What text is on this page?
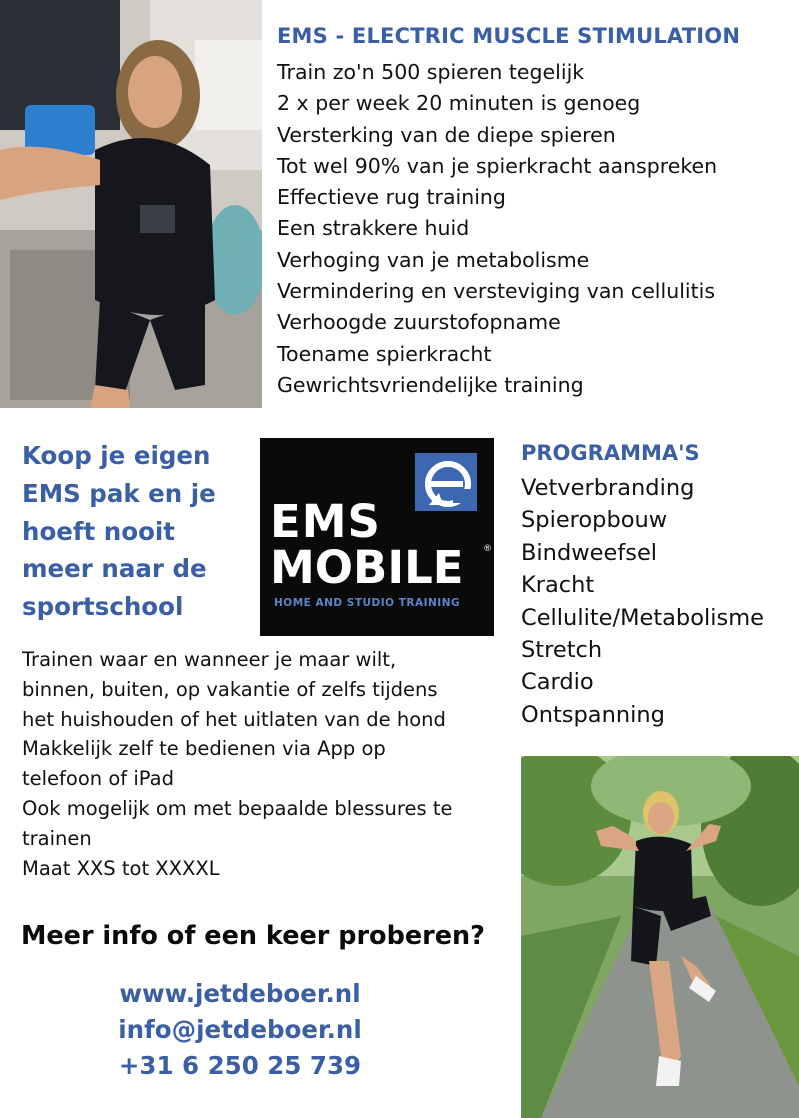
EMS - ELECTRIC MUSCLE STIMULATION
Train zo'n 500 spieren tegelijk
2 x per week 20 minuten is genoeg
Versterking van de diepe spieren
Tot wel 90% van je spierkracht aanspreken
Effectieve rug training
Een strakkere huid
Verhoging van je metabolisme
Vermindering en versteviging van cellulitis
Verhoogde zuurstofopname
Toename spierkracht
Gewrichtsvriendelijke training
Koop je eigen
EMS pak en je
hoeft nooit
meer naar de
sportschool
EMS
MOBILE ®
HOME AND STUDIO TRAINING
PROGRAMMA'S
Vetverbranding
Spieropbouw
Bindweefsel
Kracht
Cellulite/Metabolisme
Stretch
Cardio
Ontspanning
Trainen waar en wanneer je maar wilt,
binnen, buiten, op vakantie of zelfs tijdens
het huishouden of het uitlaten van de hond
Makkelijk zelf te bedienen via App op
telefoon of iPad
Ook mogelijk om met bepaalde blessures te
trainen
Maat XXS tot XXXXL
Meer info of een keer proberen?
www.jetdeboer.nl
info@jetdeboer.nl
+31 6 250 25 739
